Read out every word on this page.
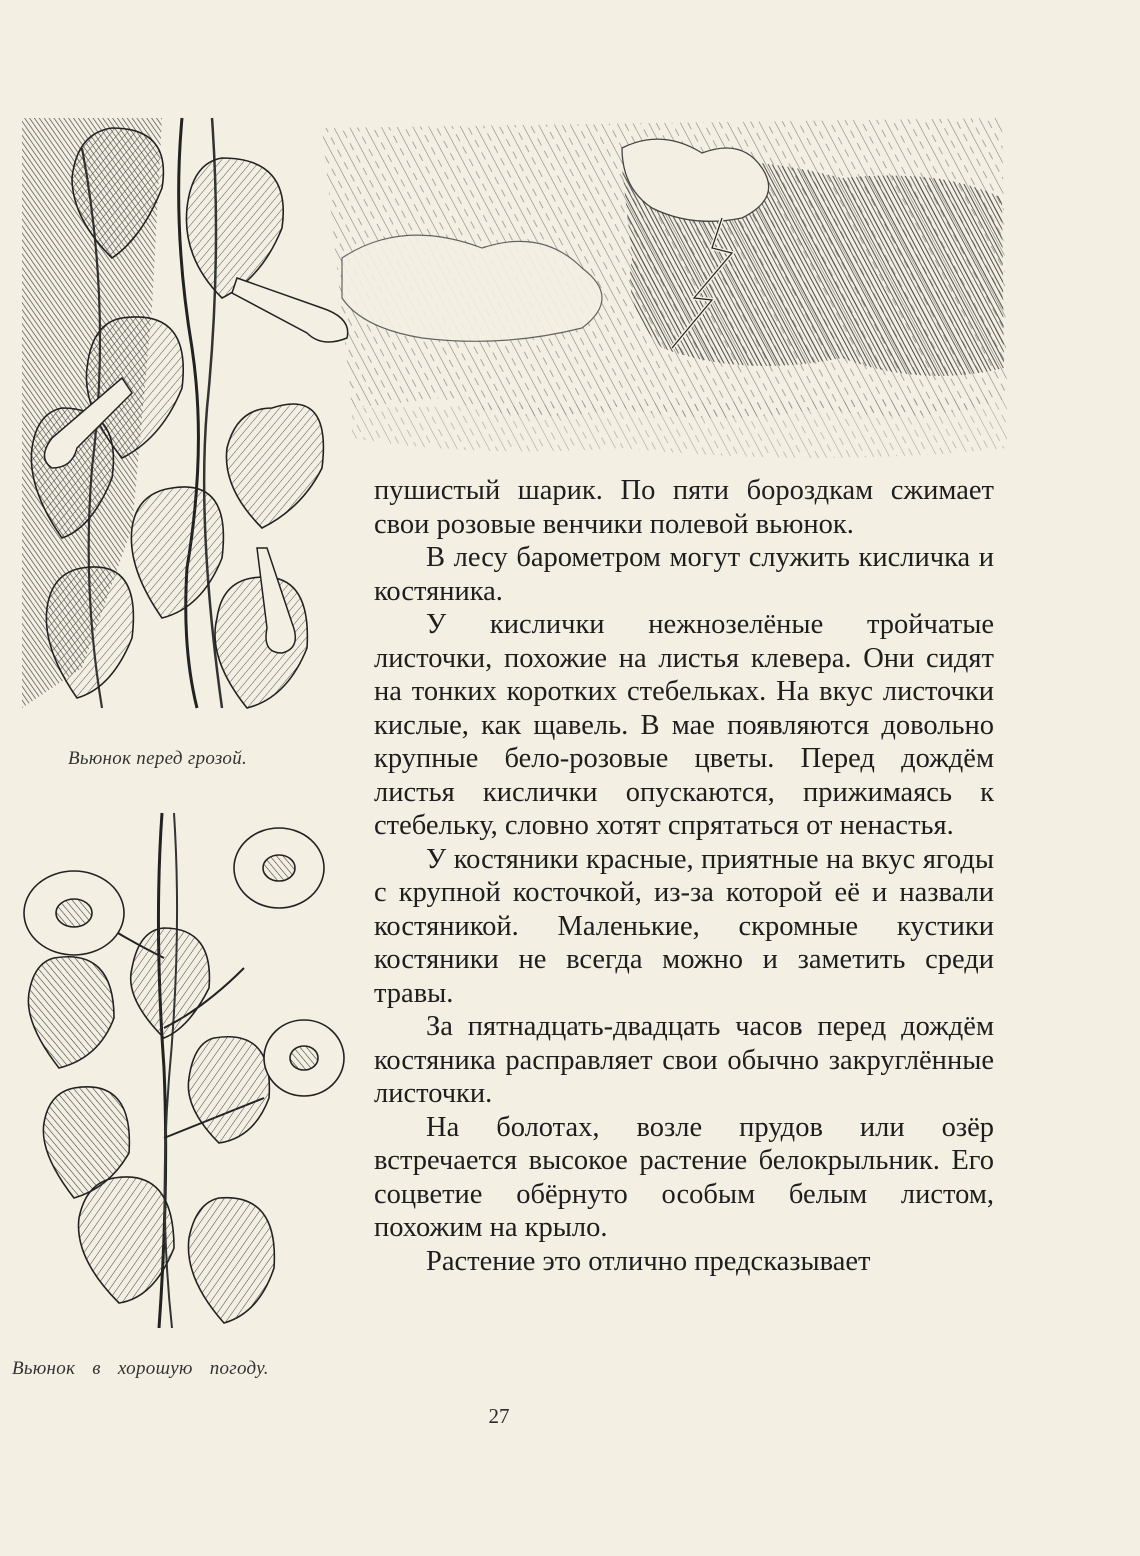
Вьюнок перед грозой.
Вьюнок в хорошую погоду.

пушистый шарик. По пяти бороздкам сжимает свои розовые венчики полевой вьюнок.

В лесу барометром могут служить кисличка и костяника.

У кислички нежнозелёные тройчатые листочки, похожие на листья клевера. Они сидят на тонких коротких стебельках. На вкус листочки кислые, как щавель. В мае появляются довольно крупные бело-розовые цветы. Перед дождём листья кислички опускаются, прижимаясь к стебельку, словно хотят спрятаться от ненастья.

У костяники красные, приятные на вкус ягоды с крупной косточкой, из-за которой её и назвали костяникой. Маленькие, скромные кустики костяники не всегда можно и заметить среди травы.

За пятнадцать-двадцать часов перед дождём костяника расправляет свои обычно закруглённые листочки.

На болотах, возле прудов или озёр встречается высокое растение белокрыльник. Его соцветие обёрнуто особым белым листом, похожим на крыло.

Растение это отлично предсказывает

27
